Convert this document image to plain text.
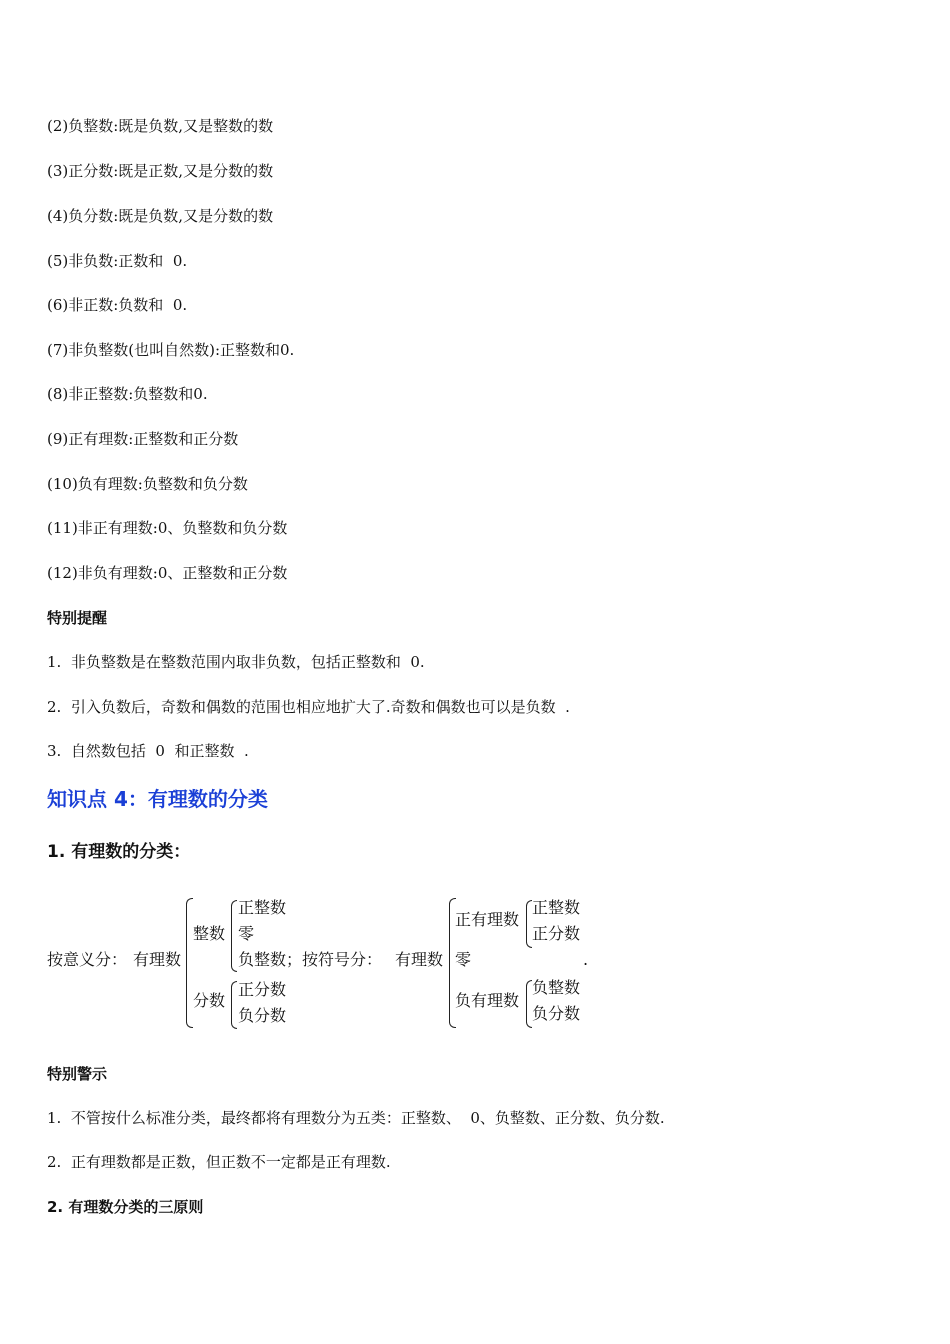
(2)负整数:既是负数,又是整数的数
(3)正分数:既是正数,又是分数的数
(4)负分数:既是负数,又是分数的数
(5)非负数:正数和  0.
(6)非正数:负数和  0.
(7)非负整数(也叫自然数):正整数和0.
(8)非正整数:负整数和0.
(9)正有理数:正整数和正分数
(10)负有理数:负整数和负分数
(11)非正有理数:0、负整数和负分数
(12)非负有理数:0、正整数和正分数
特别提醒
1.  非负整数是在整数范围内取非负数，包括正整数和  0.
2.  引入负数后，奇数和偶数的范围也相应地扩大了.奇数和偶数也可以是负数  .
3.  自然数包括  0  和正整数  .
知识点 4：有理数的分类
1. 有理数的分类：
按意义分： 有理数
整数
分数
正整数
零
负整数；按符号分：
正分数
负分数
有理数
正有理数
零
负有理数
正整数
正分数
负整数
负分数
.
特别警示
1.  不管按什么标准分类，最终都将有理数分为五类：正整数、  0、负整数、正分数、负分数.
2.  正有理数都是正数，但正数不一定都是正有理数.
2. 有理数分类的三原则
